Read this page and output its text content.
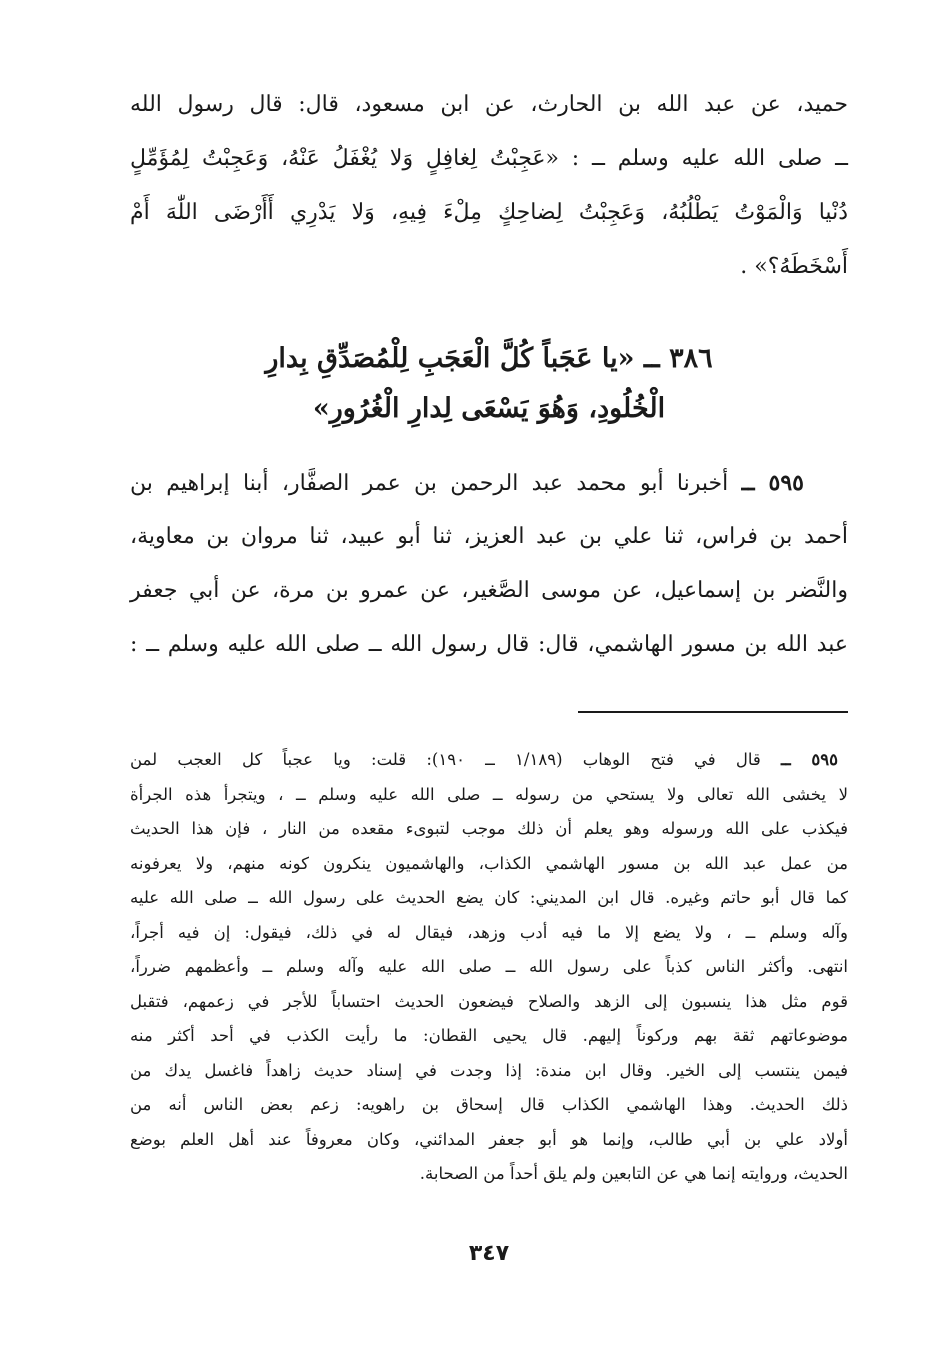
حميد، عن عبد الله بن الحارث، عن ابن مسعود، قال: قال رسول الله
ــ صلى الله عليه وسلم ــ : «عَجِبْتُ لِغافِلٍ وَلا يُغْفَلُ عَنْهُ، وَعَجِبْتُ لِمُؤَمِّلٍ
دُنْيا وَالْمَوْتُ يَطْلُبُهُ، وَعَجِبْتُ لِضاحِكٍ مِلْءَ فِيهِ، وَلا يَدْرِي أَأَرْضَى اللّٰهَ أَمْ
أَسْخَطَهُ؟» .
٣٨٦ ــ «يا عَجَباً كُلَّ الْعَجَبِ لِلْمُصَدِّقِ بِدارِ
الْخُلُودِ، وَهُوَ يَسْعَى لِدارِ الْغُرُورِ»
٥٩٥ ــ أخبرنا أبو محمد عبد الرحمن بن عمر الصفَّار، أبنا إبراهيم بن
أحمد بن فراس، ثنا علي بن عبد العزيز، ثنا أبو عبيد، ثنا مروان بن معاوية،
والنَّضر بن إسماعيل، عن موسى الصَّغير، عن عمرو بن مرة، عن أبي جعفر
عبد الله بن مسور الهاشمي، قال: قال رسول الله ــ صلى الله عليه وسلم ــ :
٥٩٥ ــ قال في فتح الوهاب (١/١٨٩ ــ ١٩٠): قلت: ويا عجباً كل العجب لمن
لا يخشى الله تعالى ولا يستحي من رسوله ــ صلى الله عليه وسلم ــ ، ويتجرأ هذه الجرأة
فيكذب على الله ورسوله وهو يعلم أن ذلك موجب لتبوىء مقعده من النار ، فإن هذا الحديث
من عمل عبد الله بن مسور الهاشمي الكذاب، والهاشميون ينكرون كونه منهم، ولا يعرفونه
كما قال أبو حاتم وغيره. قال ابن المديني: كان يضع الحديث على رسول الله ــ صلى الله عليه
وآله وسلم ــ ، ولا يضع إلا ما فيه أدب وزهد، فيقال له في ذلك، فيقول: إن فيه أجراً،
انتهى. وأكثر الناس كذباً على رسول الله ــ صلى الله عليه وآله وسلم ــ وأعظمهم ضرراً،
قوم مثل هذا ينسبون إلى الزهد والصلاح فيضعون الحديث احتساباً للأجر في زعمهم، فتقبل
موضوعاتهم ثقة بهم وركوناً إليهم. قال يحيى القطان: ما رأيت الكذب في أحد أكثر منه
فيمن ينتسب إلى الخير. وقال ابن مندة: إذا وجدت في إسناد حديث زاهداً فاغسل يدك من
ذلك الحديث. وهذا الهاشمي الكذاب قال إسحاق بن راهويه: زعم بعض الناس أنه من
أولاد علي بن أبي طالب، وإنما هو أبو جعفر المدائني، وكان معروفاً عند أهل العلم بوضع
الحديث، وروايته إنما هي عن التابعين ولم يلق أحداً من الصحابة.
٣٤٧
